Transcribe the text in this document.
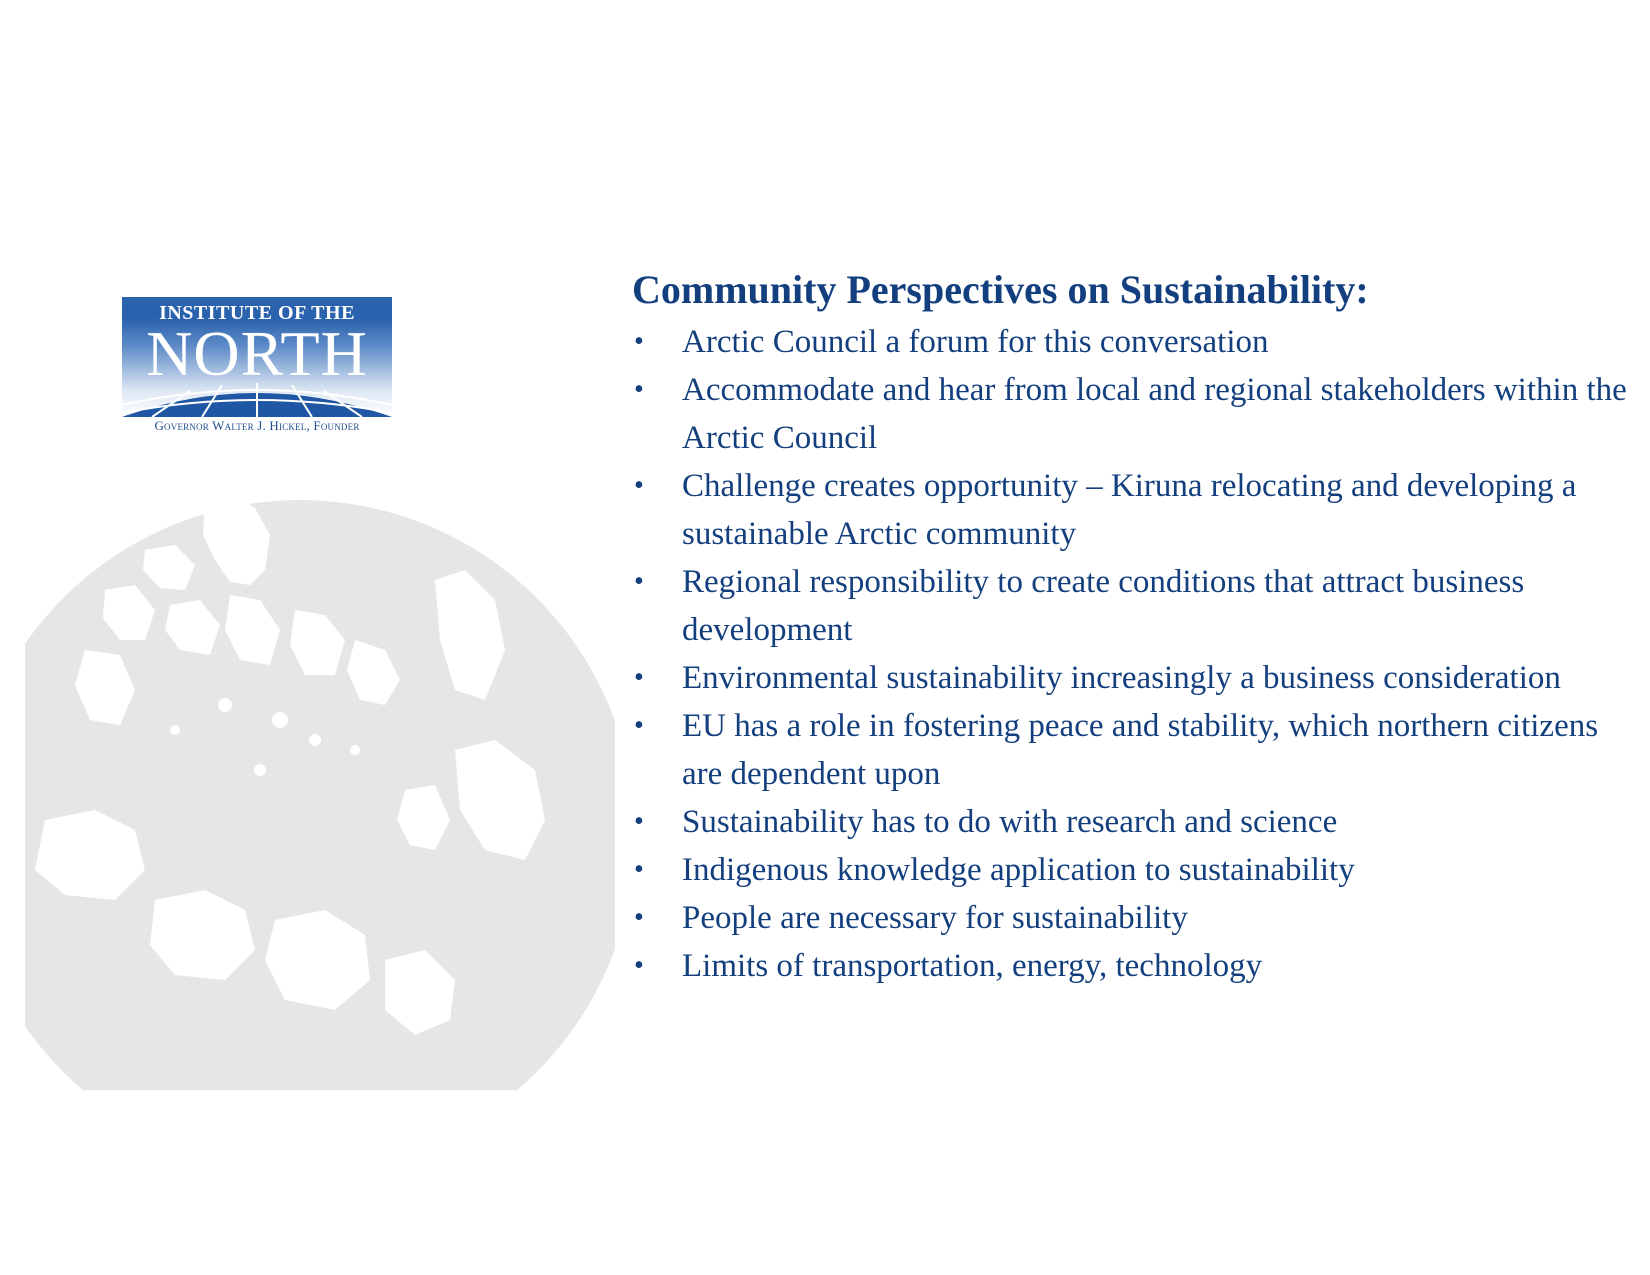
INSTITUTE OF THE
NORTH
Governor Walter J. Hickel, Founder
Community Perspectives on Sustainability:
• Arctic Council a forum for this conversation
• Accommodate and hear from local and regional stakeholders within the Arctic Council
• Challenge creates opportunity – Kiruna relocating and developing a sustainable Arctic community
• Regional responsibility to create conditions that attract business development
• Environmental sustainability increasingly a business consideration
• EU has a role in fostering peace and stability, which northern citizens are dependent upon
• Sustainability has to do with research and science
• Indigenous knowledge application to sustainability
• People are necessary for sustainability
• Limits of transportation, energy, technology
